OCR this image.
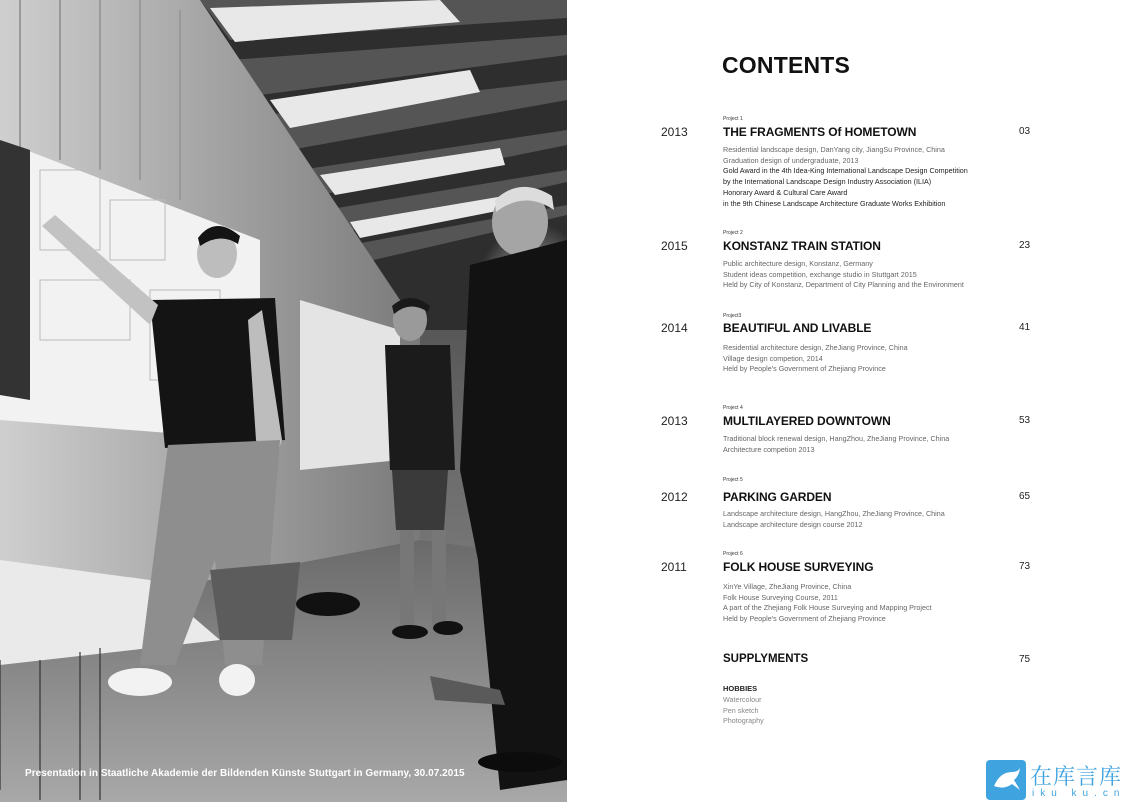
Presentation in Staatliche Akademie der Bildenden Künste Stuttgart in Germany, 30.07.2015
CONTENTS
Project 1
2013	THE FRAGMENTS Of HOMETOWN	03
Residential landscape design, DanYang city, JiangSu Province, China
Graduation design of undergraduate, 2013
Gold Award in the 4th Idea-King International Landscape Design Competition
by the International Landscape Design Industry Association (ILIA)
Honorary Award & Cultural Care Award
in the 9th Chinese Landscape Architecture Graduate Works Exhibition
Project 2
2015	KONSTANZ TRAIN STATION	23
Public architecture design, Konstanz, Germany
Student ideas competition, exchange studio in Stuttgart 2015
Held by City of Konstanz, Department of City Planning and the Environment
Project3
2014	BEAUTIFUL AND LIVABLE	41
Residential architecture design, ZheJiang Province, China
Village design competion, 2014
Held by People's Government of Zhejiang Province
Project 4
2013	MULTILAYERED DOWNTOWN	53
Traditional block renewal design, HangZhou, ZheJiang Province, China
Architecture competion 2013
Project 5
2012	PARKING GARDEN	65
Landscape architecture design, HangZhou, ZheJiang Province, China
Landscape architecture design course 2012
Project 6
2011	FOLK HOUSE SURVEYING	73
XinYe Village, ZheJiang Province, China
Folk House Surveying Course, 2011
A part of the Zhejiang Folk House Surveying and Mapping Project
Held by People's Government of Zhejiang Province
SUPPLYMENTS	75
HOBBIES
Watercolour
Pen sketch
Photography
在库言库
iku ku.cn
